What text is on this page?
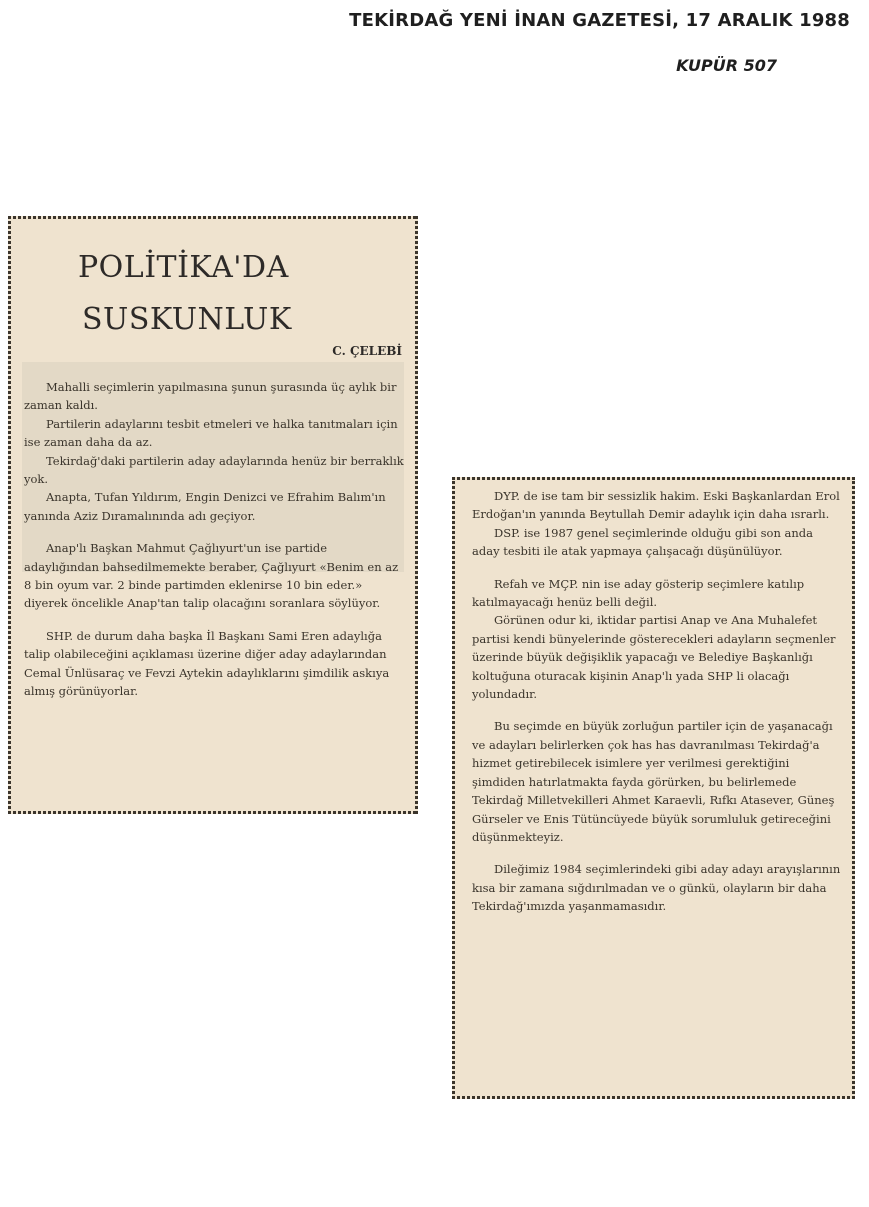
TEKİRDAĞ YENİ İNAN GAZETESİ, 17 ARALIK 1988
KUPÜR 507
POLİTİKA'DA
SUSKUNLUK
C. ÇELEBİ

Mahalli seçimlerin yapılmasına şunun şurasında üç aylık bir zaman kaldı.

Partilerin adaylarını tesbit etmeleri ve halka tanıtmaları için ise zaman daha da az.

Tekirdağ'daki partilerin aday adaylarında henüz bir berraklık yok.

Anapta, Tufan Yıldırım, Engin Denizci ve Efrahim Balım'ın yanında Aziz Dıramalınında adı geçiyor.

Anap'lı Başkan Mahmut Çağlıyurt'un ise partide adaylığından bahsedilmemekte beraber, Çağlıyurt «Benim en az 8 bin oyum var. 2 binde partimden eklenirse 10 bin eder.» diyerek öncelikle Anap'tan talip olacağını soranlara söylüyor.

SHP. de durum daha başka İl Başkanı Sami Eren adaylığa talip olabileceğini açıklaması üzerine diğer aday adaylarından Cemal Ünlüsaraç ve Fevzi Aytekin adaylıklarını şimdilik askıya almış görünüyorlar.

DYP. de ise tam bir sessizlik hakim. Eski Başkanlardan Erol Erdoğan'ın yanında Beytullah Demir adaylık için daha ısrarlı.

DSP. ise 1987 genel seçimlerinde olduğu gibi son anda aday tesbiti ile atak yapmaya çalışacağı düşünülüyor.

Refah ve MÇP. nin ise aday gösterip seçimlere katılıp katılmayacağı henüz belli değil.

Görünen odur ki, iktidar partisi Anap ve Ana Muhalefet partisi kendi bünyelerinde gösterecekleri adayların seçmenler üzerinde büyük değişiklik yapacağı ve Belediye Başkanlığı koltuğuna oturacak kişinin Anap'lı yada SHP li olacağı yolundadır.

Bu seçimde en büyük zorluğun partiler için de yaşanacağı ve adayları belirlerken çok has has davranılması Tekirdağ'a hizmet getirebilecek isimlere yer verilmesi gerektiğini şimdiden hatırlatmakta fayda görürken, bu belirlemede Tekirdağ Milletvekilleri Ahmet Karaevli, Rıfkı Atasever, Güneş Gürseler ve Enis Tütüncüyede büyük sorumluluk getireceğini düşünmekteyiz.

Dileğimiz 1984 seçimlerindeki gibi aday adayı arayışlarının kısa bir zamana sığdırılmadan ve o günkü, olayların bir daha Tekirdağ'ımızda yaşanmamasıdır.
